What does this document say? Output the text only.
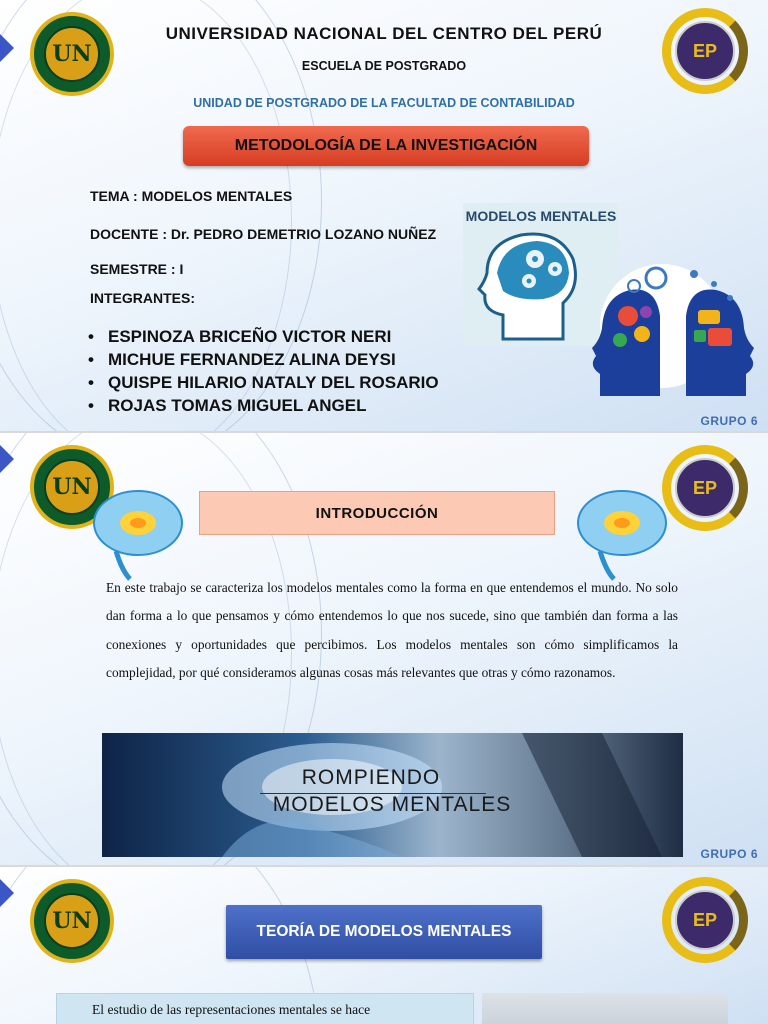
UN	EP
UNIVERSIDAD NACIONAL DEL CENTRO DEL PERÚ
ESCUELA DE POSTGRADO
UNIDAD DE POSTGRADO DE LA FACULTAD DE CONTABILIDAD
METODOLOGÍA DE LA INVESTIGACIÓN
TEMA : MODELOS MENTALES
DOCENTE : Dr. PEDRO DEMETRIO LOZANO NUÑEZ
SEMESTRE : I
INTEGRANTES:
• ESPINOZA BRICEÑO VICTOR NERI
• MICHUE FERNANDEZ ALINA DEYSI
• QUISPE HILARIO NATALY DEL ROSARIO
• ROJAS TOMAS MIGUEL ANGEL
MODELOS MENTALES
GRUPO 6
UN	EP
INTRODUCCIÓN
En este trabajo se caracteriza los modelos mentales como la forma en que entendemos el mundo. No solo dan forma a lo que pensamos y cómo entendemos lo que nos sucede, sino que también dan forma a las conexiones y oportunidades que percibimos. Los modelos mentales son cómo simplificamos la complejidad, por qué consideramos algunas cosas más relevantes que otras y cómo razonamos.
ROMPIENDO
MODELOS MENTALES
GRUPO 6
UN	EP
TEORÍA DE MODELOS MENTALES
El estudio de las representaciones mentales se hace
